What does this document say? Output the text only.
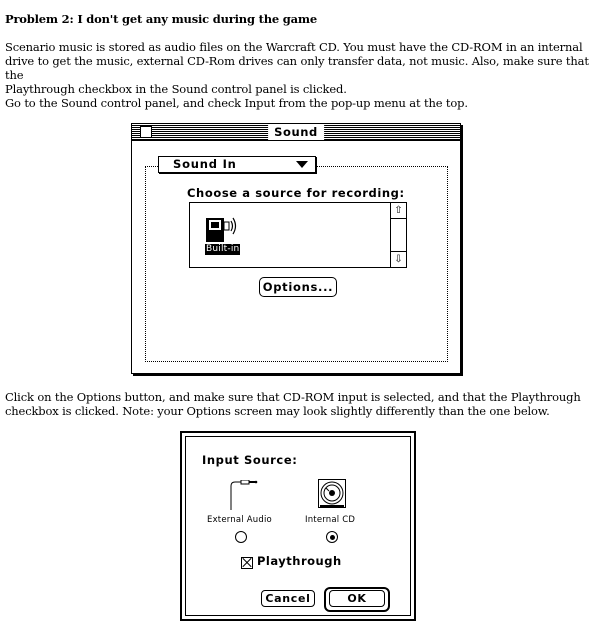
Problem 2: I don't get any music during the game
Scenario music is stored as audio files on the Warcraft CD. You must have the CD-ROM in an internal
drive to get the music, external CD-Rom drives can only transfer data, not music. Also, make sure that the
Playthrough checkbox in the Sound control panel is clicked.
Go to the Sound control panel, and check Input from the pop-up menu at the top.
Sound
Sound In
Choose a source for recording:
Built-in
⇧
⇩
Options...
Click on the Options button, and make sure that CD-ROM input is selected, and that the Playthrough
checkbox is clicked. Note: your Options screen may look slightly differently than the one below.
Input Source:
External Audio	Internal CD
Playthrough
Cancel	OK
